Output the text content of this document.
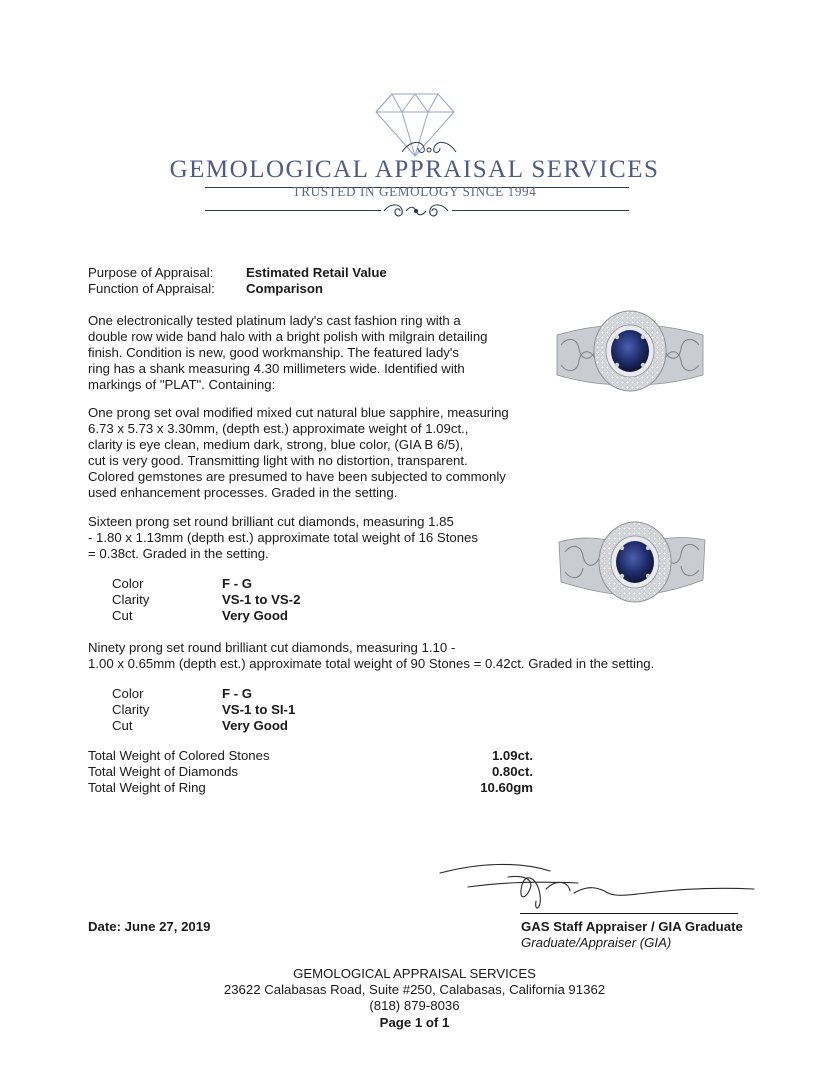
GEMOLOGICAL APPRAISAL SERVICES
TRUSTED IN GEMOLOGY SINCE 1994
Purpose of Appraisal: Estimated Retail Value
Function of Appraisal: Comparison
One electronically tested platinum lady's cast fashion ring with a
double row wide band halo with a bright polish with milgrain detailing
finish. Condition is new, good workmanship. The featured lady's
ring has a shank measuring 4.30 millimeters wide. Identified with
markings of "PLAT". Containing:
One prong set oval modified mixed cut natural blue sapphire, measuring
6.73 x 5.73 x 3.30mm, (depth est.) approximate weight of 1.09ct.,
clarity is eye clean, medium dark, strong, blue color, (GIA B 6/5),
cut is very good. Transmitting light with no distortion, transparent.
Colored gemstones are presumed to have been subjected to commonly
used enhancement processes. Graded in the setting.
Sixteen prong set round brilliant cut diamonds, measuring 1.85
- 1.80 x 1.13mm (depth est.) approximate total weight of 16 Stones
= 0.38ct. Graded in the setting.
Color	F - G
Clarity	VS-1 to VS-2
Cut	Very Good
Ninety prong set round brilliant cut diamonds, measuring 1.10 -
1.00 x 0.65mm (depth est.) approximate total weight of 90 Stones = 0.42ct. Graded in the setting.
Color	F - G
Clarity	VS-1 to SI-1
Cut	Very Good
Total Weight of Colored Stones	1.09ct.
Total Weight of Diamonds	0.80ct.
Total Weight of Ring	10.60gm
Date: June 27, 2019	GAS Staff Appraiser / GIA Graduate
Graduate/Appraiser (GIA)
GEMOLOGICAL APPRAISAL SERVICES
23622 Calabasas Road, Suite #250, Calabasas, California 91362
(818) 879-8036
Page 1 of 1
